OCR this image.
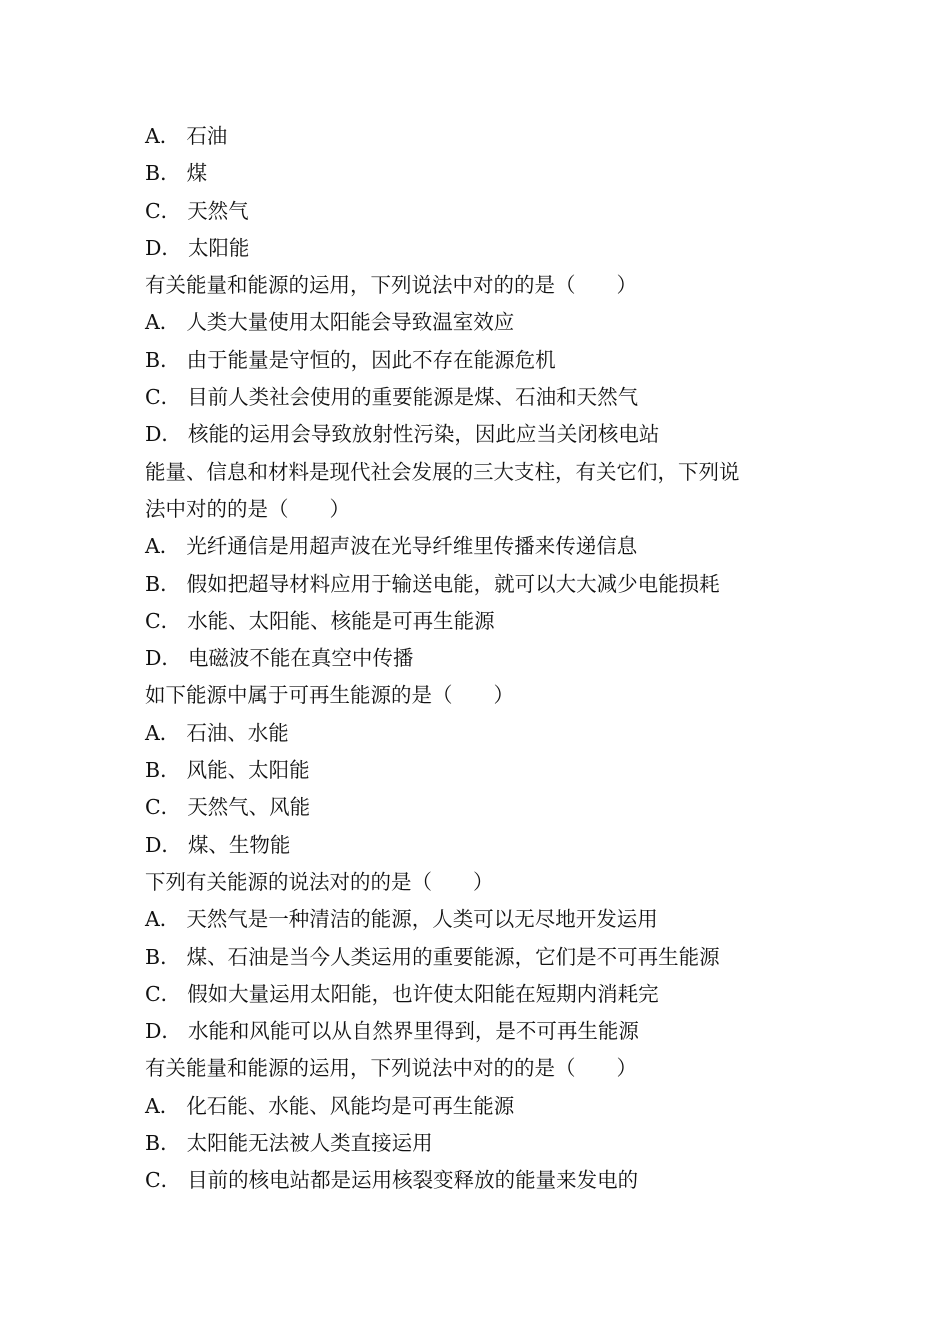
A． 石油
B． 煤
C． 天然气
D． 太阳能
有关能量和能源的运用，下列说法中对的的是（　　）
A． 人类大量使用太阳能会导致温室效应
B． 由于能量是守恒的，因此不存在能源危机
C． 目前人类社会使用的重要能源是煤、石油和天然气
D． 核能的运用会导致放射性污染，因此应当关闭核电站
能量、信息和材料是现代社会发展的三大支柱，有关它们，下列说
法中对的的是（　　）
A． 光纤通信是用超声波在光导纤维里传播来传递信息
B． 假如把超导材料应用于输送电能，就可以大大减少电能损耗
C． 水能、太阳能、核能是可再生能源
D． 电磁波不能在真空中传播
如下能源中属于可再生能源的是（　　）
A． 石油、水能
B． 风能、太阳能
C． 天然气、风能
D． 煤、生物能
下列有关能源的说法对的的是（　　）
A． 天然气是一种清洁的能源，人类可以无尽地开发运用
B． 煤、石油是当今人类运用的重要能源，它们是不可再生能源
C． 假如大量运用太阳能，也许使太阳能在短期内消耗完
D． 水能和风能可以从自然界里得到，是不可再生能源
有关能量和能源的运用，下列说法中对的的是（　　）
A． 化石能、水能、风能均是可再生能源
B． 太阳能无法被人类直接运用
C． 目前的核电站都是运用核裂变释放的能量来发电的
